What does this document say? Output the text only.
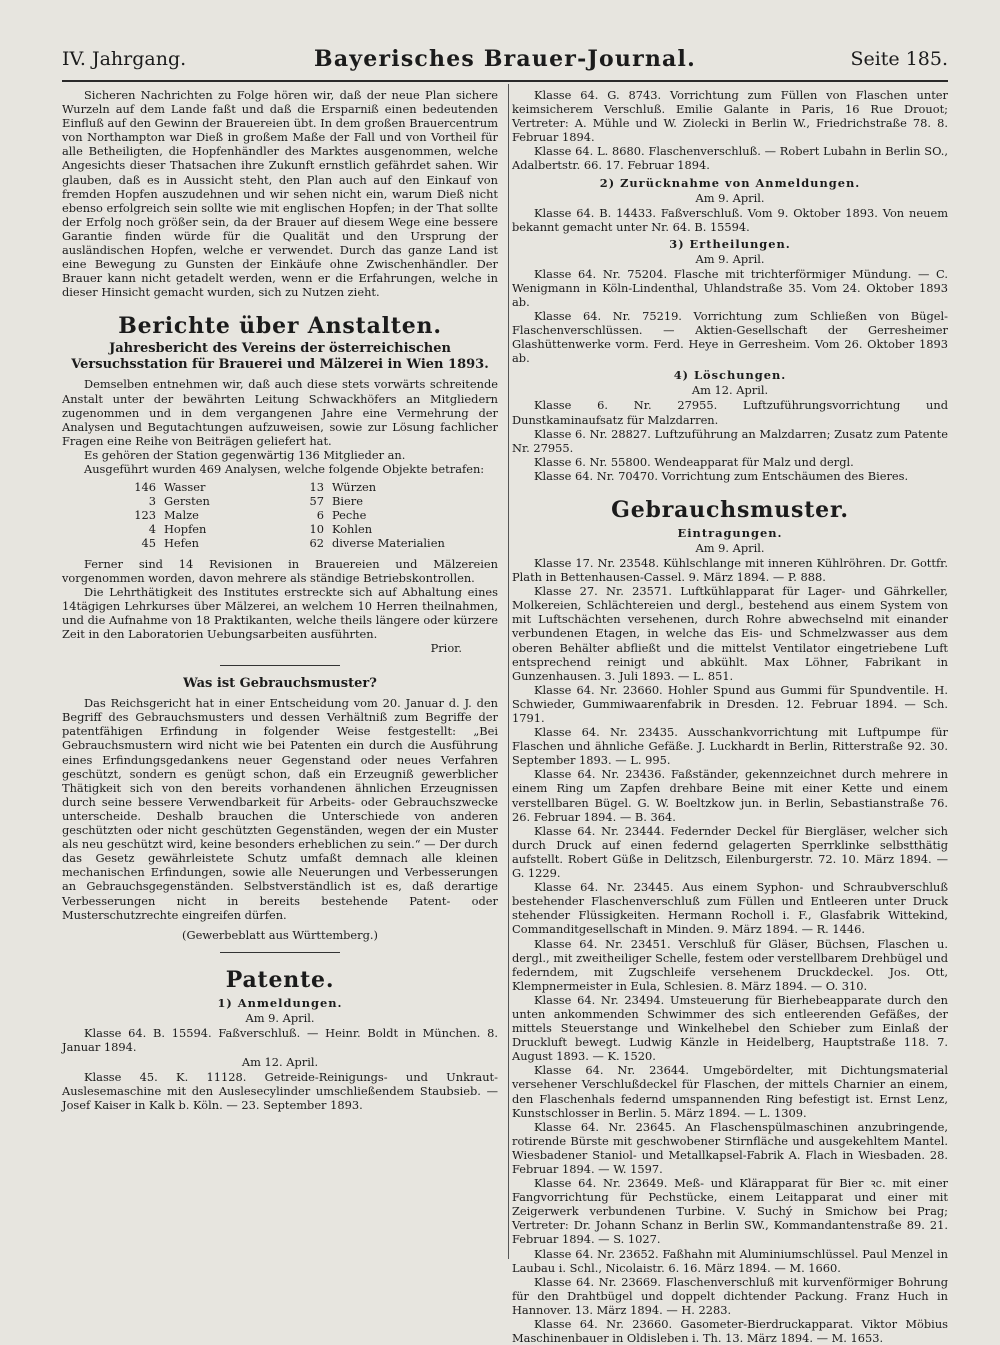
IV. Jahrgang.	Bayerisches Brauer-Journal.	Seite 185.

Sicheren Nachrichten zu Folge hören wir, daß der neue Plan sichere Wurzeln auf dem Lande faßt und daß die Ersparniß einen bedeutenden Einfluß auf den Gewinn der Brauereien übt. In dem großen Brauercentrum von Northampton war Dieß in großem Maße der Fall und von Vortheil für alle Betheiligten, die Hopfenhändler des Marktes ausgenommen, welche Angesichts dieser Thatsachen ihre Zukunft ernstlich gefährdet sahen. Wir glauben, daß es in Aussicht steht, den Plan auch auf den Einkauf von fremden Hopfen auszudehnen und wir sehen nicht ein, warum Dieß nicht ebenso erfolgreich sein sollte wie mit englischen Hopfen; in der That sollte der Erfolg noch größer sein, da der Brauer auf diesem Wege eine bessere Garantie finden würde für die Qualität und den Ursprung der ausländischen Hopfen, welche er verwendet. Durch das ganze Land ist eine Bewegung zu Gunsten der Einkäufe ohne Zwischenhändler. Der Brauer kann nicht getadelt werden, wenn er die Erfahrungen, welche in dieser Hinsicht gemacht wurden, sich zu Nutzen zieht.

Berichte über Anstalten.
Jahresbericht des Vereins der österreichischen Versuchsstation für Brauerei und Mälzerei in Wien 1893.

Demselben entnehmen wir, daß auch diese stets vorwärts schreitende Anstalt unter der bewährten Leitung Schwackhöfers an Mitgliedern zugenommen und in dem vergangenen Jahre eine Vermehrung der Analysen und Begutachtungen aufzuweisen, sowie zur Lösung fachlicher Fragen eine Reihe von Beiträgen geliefert hat.

Es gehören der Station gegenwärtig 136 Mitglieder an.

Ausgeführt wurden 469 Analysen, welche folgende Objekte betrafen:

146	Wasser	13	Würzen
3	Gersten	57	Biere
123	Malze	6	Peche
4	Hopfen	10	Kohlen
45	Hefen	62	diverse Materialien

Ferner sind 14 Revisionen in Brauereien und Mälzereien vorgenommen worden, davon mehrere als ständige Betriebskontrollen.

Die Lehrthätigkeit des Institutes erstreckte sich auf Abhaltung eines 14tägigen Lehrkurses über Mälzerei, an welchem 10 Herren theilnahmen, und die Aufnahme von 18 Praktikanten, welche theils längere oder kürzere Zeit in den Laboratorien Uebungsarbeiten ausführten.

Prior.
Was ist Gebrauchsmuster?

Das Reichsgericht hat in einer Entscheidung vom 20. Januar d. J. den Begriff des Gebrauchsmusters und dessen Verhältniß zum Begriffe der patentfähigen Erfindung in folgender Weise festgestellt: „Bei Gebrauchsmustern wird nicht wie bei Patenten ein durch die Ausführung eines Erfindungsgedankens neuer Gegenstand oder neues Verfahren geschützt, sondern es genügt schon, daß ein Erzeugniß gewerblicher Thätigkeit sich von den bereits vorhandenen ähnlichen Erzeugnissen durch seine bessere Verwendbarkeit für Arbeits- oder Gebrauchszwecke unterscheide. Deshalb brauchen die Unterschiede von anderen geschützten oder nicht geschützten Gegenständen, wegen der ein Muster als neu geschützt wird, keine besonders erheblichen zu sein.“ — Der durch das Gesetz gewährleistete Schutz umfaßt demnach alle kleinen mechanischen Erfindungen, sowie alle Neuerungen und Verbesserungen an Gebrauchsgegenständen. Selbstverständlich ist es, daß derartige Verbesserungen nicht in bereits bestehende Patent- oder Musterschutzrechte eingreifen dürfen.

(Gewerbeblatt aus Württemberg.)
Patente.
1) Anmeldungen.
Am 9. April.

Klasse 64. B. 15594. Faßverschluß. — Heinr. Boldt in München. 8. Januar 1894.

Am 12. April.

Klasse 45. K. 11128. Getreide-Reinigungs- und Unkraut-Auslesemaschine mit den Auslesecylinder umschließendem Staubsieb. — Josef Kaiser in Kalk b. Köln. — 23. September 1893.

Klasse 64. G. 8743. Vorrichtung zum Füllen von Flaschen unter keimsicherem Verschluß. Emilie Galante in Paris, 16 Rue Drouot; Vertreter: A. Mühle und W. Ziolecki in Berlin W., Friedrichstraße 78. 8. Februar 1894.

Klasse 64. L. 8680. Flaschenverschluß. — Robert Lubahn in Berlin SO., Adalbertstr. 66. 17. Februar 1894.

2) Zurücknahme von Anmeldungen.
Am 9. April.

Klasse 64. B. 14433. Faßverschluß. Vom 9. Oktober 1893. Von neuem bekannt gemacht unter Nr. 64. B. 15594.

3) Ertheilungen.
Am 9. April.

Klasse 64. Nr. 75204. Flasche mit trichterförmiger Mündung. — C. Wenigmann in Köln-Lindenthal, Uhlandstraße 35. Vom 24. Oktober 1893 ab.

Klasse 64. Nr. 75219. Vorrichtung zum Schließen von Bügel-Flaschenverschlüssen. — Aktien-Gesellschaft der Gerresheimer Glashüttenwerke vorm. Ferd. Heye in Gerresheim. Vom 26. Oktober 1893 ab.

4) Löschungen.
Am 12. April.

Klasse 6. Nr. 27955. Luftzuführungsvorrichtung und Dunstkaminaufsatz für Malzdarren.

Klasse 6. Nr. 28827. Luftzuführung an Malzdarren; Zusatz zum Patente Nr. 27955.

Klasse 6. Nr. 55800. Wendeapparat für Malz und dergl.

Klasse 64. Nr. 70470. Vorrichtung zum Entschäumen des Bieres.

Gebrauchsmuster.
Eintragungen.
Am 9. April.

Klasse 17. Nr. 23548. Kühlschlange mit inneren Kühlröhren. Dr. Gottfr. Plath in Bettenhausen-Cassel. 9. März 1894. — P. 888.

Klasse 27. Nr. 23571. Luftkühlapparat für Lager- und Gährkeller, Molkereien, Schlächtereien und dergl., bestehend aus einem System von mit Luftschächten versehenen, durch Rohre abwechselnd mit einander verbundenen Etagen, in welche das Eis- und Schmelzwasser aus dem oberen Behälter abfließt und die mittelst Ventilator eingetriebene Luft entsprechend reinigt und abkühlt. Max Löhner, Fabrikant in Gunzenhausen. 3. Juli 1893. — L. 851.

Klasse 64. Nr. 23660. Hohler Spund aus Gummi für Spundventile. H. Schwieder, Gummiwaarenfabrik in Dresden. 12. Februar 1894. — Sch. 1791.

Klasse 64. Nr. 23435. Ausschankvorrichtung mit Luftpumpe für Flaschen und ähnliche Gefäße. J. Luckhardt in Berlin, Ritterstraße 92. 30. September 1893. — L. 995.

Klasse 64. Nr. 23436. Faßständer, gekennzeichnet durch mehrere in einem Ring um Zapfen drehbare Beine mit einer Kette und einem verstellbaren Bügel. G. W. Boeltzkow jun. in Berlin, Sebastianstraße 76. 26. Februar 1894. — B. 364.

Klasse 64. Nr. 23444. Federnder Deckel für Biergläser, welcher sich durch Druck auf einen federnd gelagerten Sperrklinke selbstthätig aufstellt. Robert Güße in Delitzsch, Eilenburgerstr. 72. 10. März 1894. — G. 1229.

Klasse 64. Nr. 23445. Aus einem Syphon- und Schraubverschluß bestehender Flaschenverschluß zum Füllen und Entleeren unter Druck stehender Flüssigkeiten. Hermann Rocholl i. F., Glasfabrik Wittekind, Commanditgesellschaft in Minden. 9. März 1894. — R. 1446.

Klasse 64. Nr. 23451. Verschluß für Gläser, Büchsen, Flaschen u. dergl., mit zweitheiliger Schelle, festem oder verstellbarem Drehbügel und federndem, mit Zugschleife versehenem Druckdeckel. Jos. Ott, Klempnermeister in Eula, Schlesien. 8. März 1894. — O. 310.

Klasse 64. Nr. 23494. Umsteuerung für Bierhebeapparate durch den unten ankommenden Schwimmer des sich entleerenden Gefäßes, der mittels Steuerstange und Winkelhebel den Schieber zum Einlaß der Druckluft bewegt. Ludwig Känzle in Heidelberg, Hauptstraße 118. 7. August 1893. — K. 1520.

Klasse 64. Nr. 23644. Umgebördelter, mit Dichtungsmaterial versehener Verschlußdeckel für Flaschen, der mittels Charnier an einem, den Flaschenhals federnd umspannenden Ring befestigt ist. Ernst Lenz, Kunstschlosser in Berlin. 5. März 1894. — L. 1309.

Klasse 64. Nr. 23645. An Flaschenspülmaschinen anzubringende, rotirende Bürste mit geschwobener Stirnfläche und ausgekehltem Mantel. Wiesbadener Staniol- und Metallkapsel-Fabrik A. Flach in Wiesbaden. 28. Februar 1894. — W. 1597.

Klasse 64. Nr. 23649. Meß- und Klärapparat für Bier ꝛc. mit einer Fangvorrichtung für Pechstücke, einem Leitapparat und einer mit Zeigerwerk verbundenen Turbine. V. Suchý in Smichow bei Prag; Vertreter: Dr. Johann Schanz in Berlin SW., Kommandantenstraße 89. 21. Februar 1894. — S. 1027.

Klasse 64. Nr. 23652. Faßhahn mit Aluminiumschlüssel. Paul Menzel in Laubau i. Schl., Nicolaistr. 6. 16. März 1894. — M. 1660.

Klasse 64. Nr. 23669. Flaschenverschluß mit kurvenförmiger Bohrung für den Drahtbügel und doppelt dichtender Packung. Franz Huch in Hannover. 13. März 1894. — H. 2283.

Klasse 64. Nr. 23660. Gasometer-Bierdruckapparat. Viktor Möbius Maschinenbauer in Oldisleben i. Th. 13. März 1894. — M. 1653.
